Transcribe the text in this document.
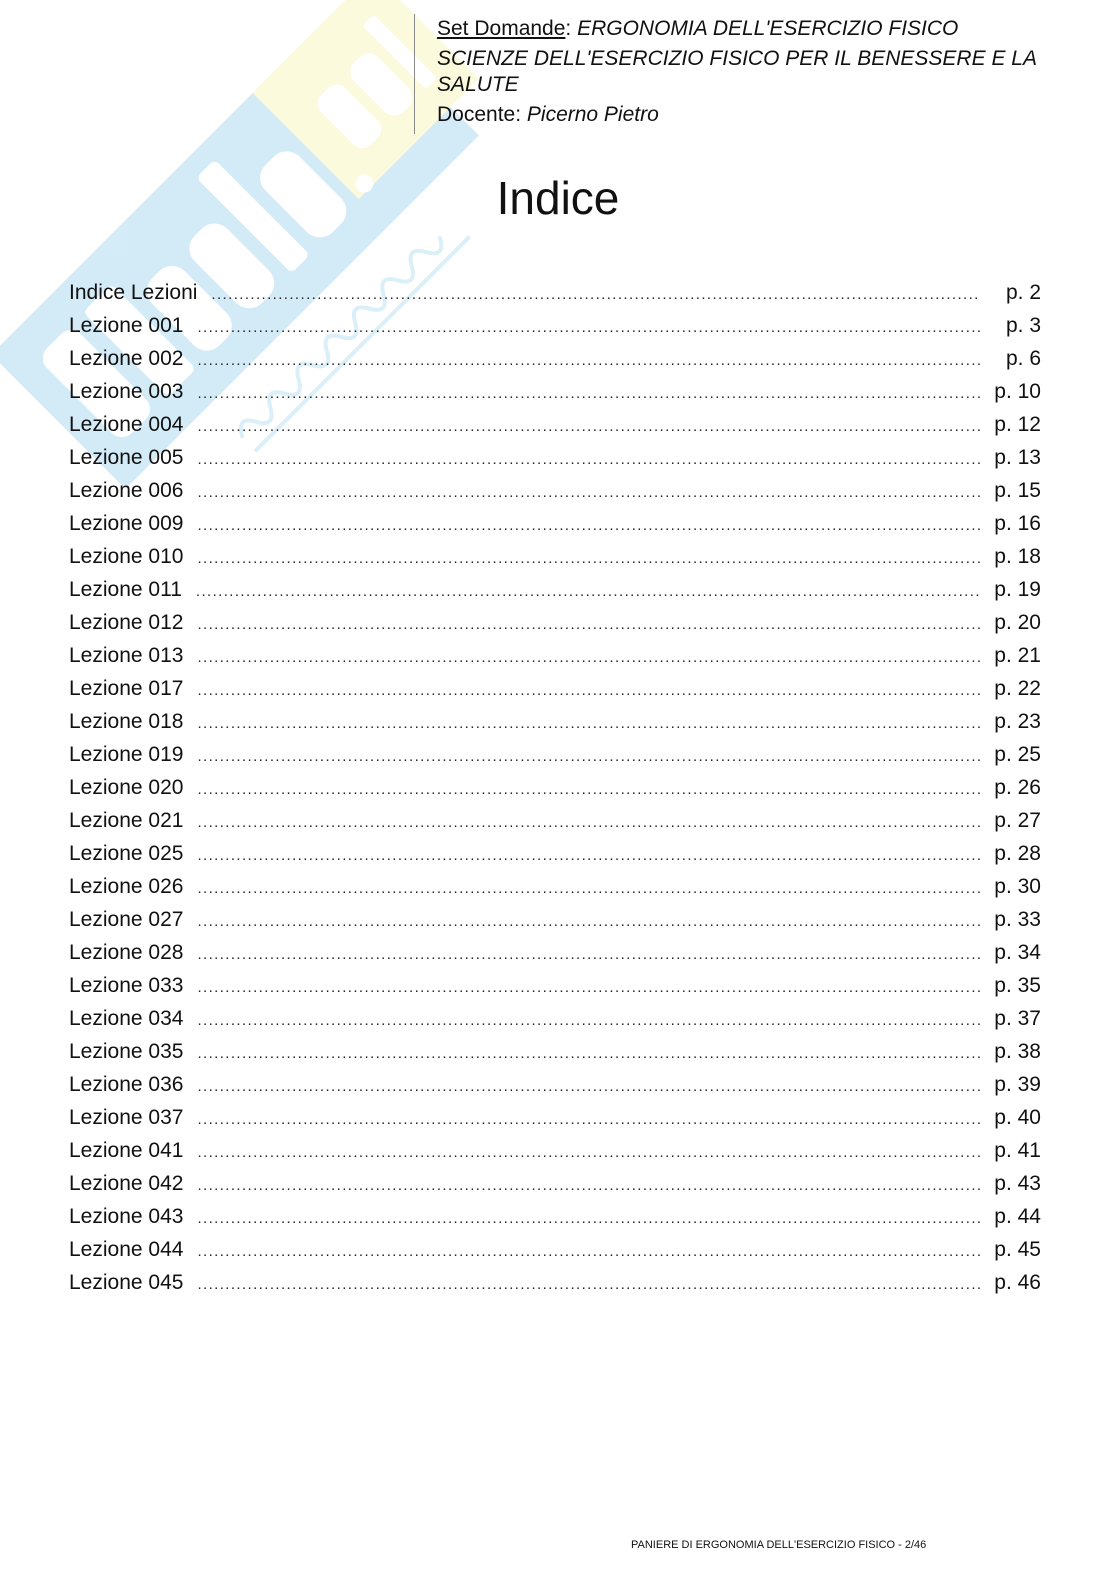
Set Domande: ERGONOMIA DELL'ESERCIZIO FISICO

SCIENZE DELL'ESERCIZIO FISICO PER IL BENESSERE E LA SALUTE

Docente: Picerno Pietro

Indice
Indice Lezioni .....	p. 2
Lezione 001 .....	p. 3
Lezione 002 .....	p. 6
Lezione 003 .....	p. 10
Lezione 004 .....	p. 12
Lezione 005 .....	p. 13
Lezione 006 .....	p. 15
Lezione 009 .....	p. 16
Lezione 010 .....	p. 18
Lezione 011 .....	p. 19
Lezione 012 .....	p. 20
Lezione 013 .....	p. 21
Lezione 017 .....	p. 22
Lezione 018 .....	p. 23
Lezione 019 .....	p. 25
Lezione 020 .....	p. 26
Lezione 021 .....	p. 27
Lezione 025 .....	p. 28
Lezione 026 .....	p. 30
Lezione 027 .....	p. 33
Lezione 028 .....	p. 34
Lezione 033 .....	p. 35
Lezione 034 .....	p. 37
Lezione 035 .....	p. 38
Lezione 036 .....	p. 39
Lezione 037 .....	p. 40
Lezione 041 .....	p. 41
Lezione 042 .....	p. 43
Lezione 043 .....	p. 44
Lezione 044 .....	p. 45
Lezione 045 .....	p. 46
PANIERE DI ERGONOMIA DELL'ESERCIZIO FISICO - 2/46
